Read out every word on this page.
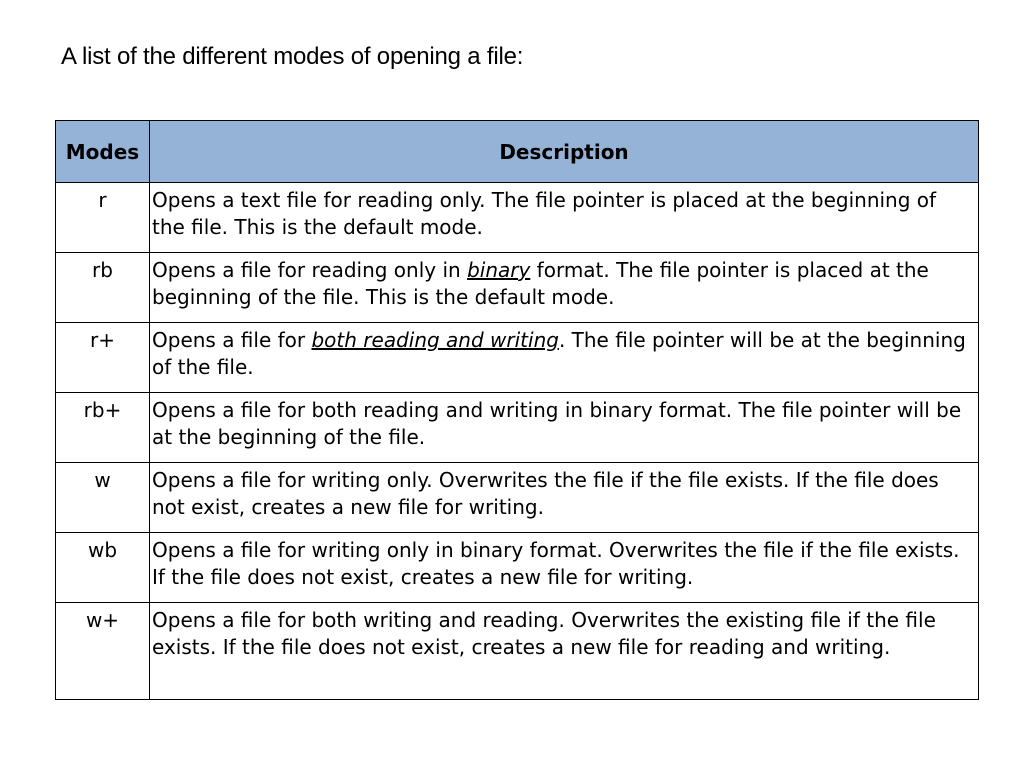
A list of the different modes of opening a file:
Modes	Description
r	Opens a text file for reading only. The file pointer is placed at the beginning of the file. This is the default mode.
rb	Opens a file for reading only in binary format. The file pointer is placed at the beginning of the file. This is the default mode.
r+	Opens a file for both reading and writing. The file pointer will be at the beginning of the file.
rb+	Opens a file for both reading and writing in binary format. The file pointer will be at the beginning of the file.
w	Opens a file for writing only. Overwrites the file if the file exists. If the file does not exist, creates a new file for writing.
wb	Opens a file for writing only in binary format. Overwrites the file if the file exists. If the file does not exist, creates a new file for writing.
w+	Opens a file for both writing and reading. Overwrites the existing file if the file exists. If the file does not exist, creates a new file for reading and writing.
